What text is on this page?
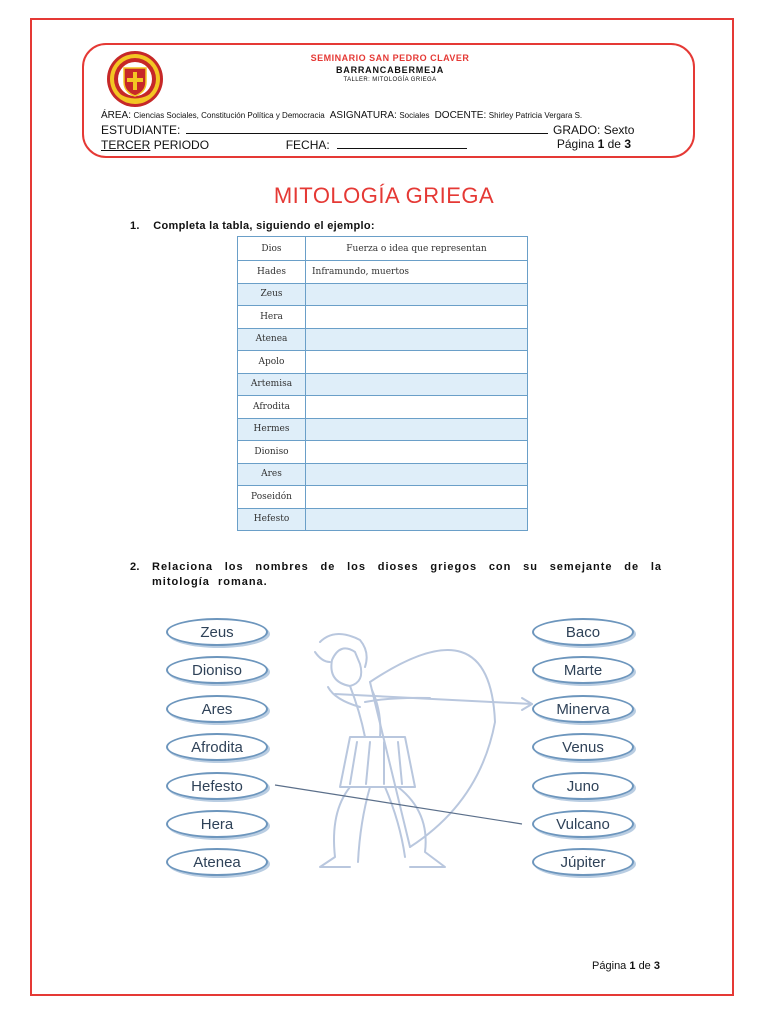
SEMINARIO SAN PEDRO CLAVER
BARRANCABERMEJA
TALLER: MITOLOGÍA GRIEGA
ÁREA: Ciencias Sociales, Constitución Política y Democracia ASIGNATURA: Sociales DOCENTE: Shirley Patricia Vergara S.
ESTUDIANTE:	GRADO: Sexto
TERCER PERIODO	FECHA:	Página 1 de 3
MITOLOGÍA GRIEGA
1. Completa la tabla, siguiendo el ejemplo:
Dios	Fuerza o idea que representan
Hades	Inframundo, muertos
Zeus	
Hera	
Atenea	
Apolo	
Artemisa	
Afrodita	
Hermes	
Dioniso	
Ares	
Poseidón	
Hefesto	
2. Relaciona los nombres de los dioses griegos con su semejante de la mitología romana.
Zeus
Dioniso
Ares
Afrodita
Hefesto
Hera
Atenea
Baco
Marte
Minerva
Venus
Juno
Vulcano
Júpiter
Página 1 de 3
